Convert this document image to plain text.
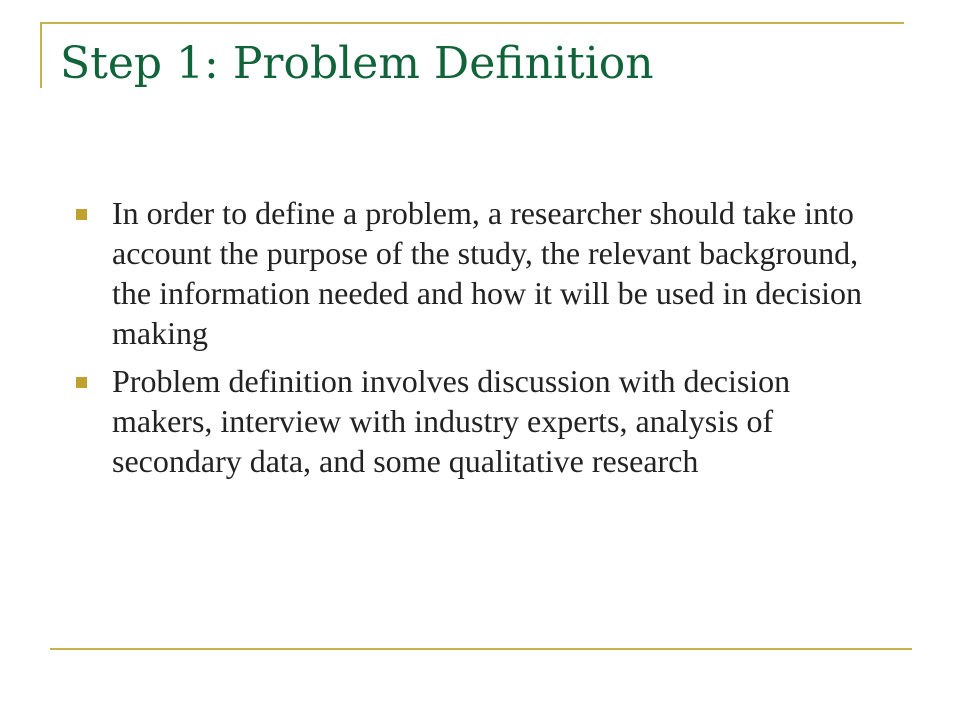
Step 1: Problem Definition
In order to define a problem, a researcher should take into account the purpose of the study, the relevant background, the information needed and how it will be used in decision making
Problem definition involves discussion with decision makers, interview with industry experts, analysis of secondary data, and some qualitative research
